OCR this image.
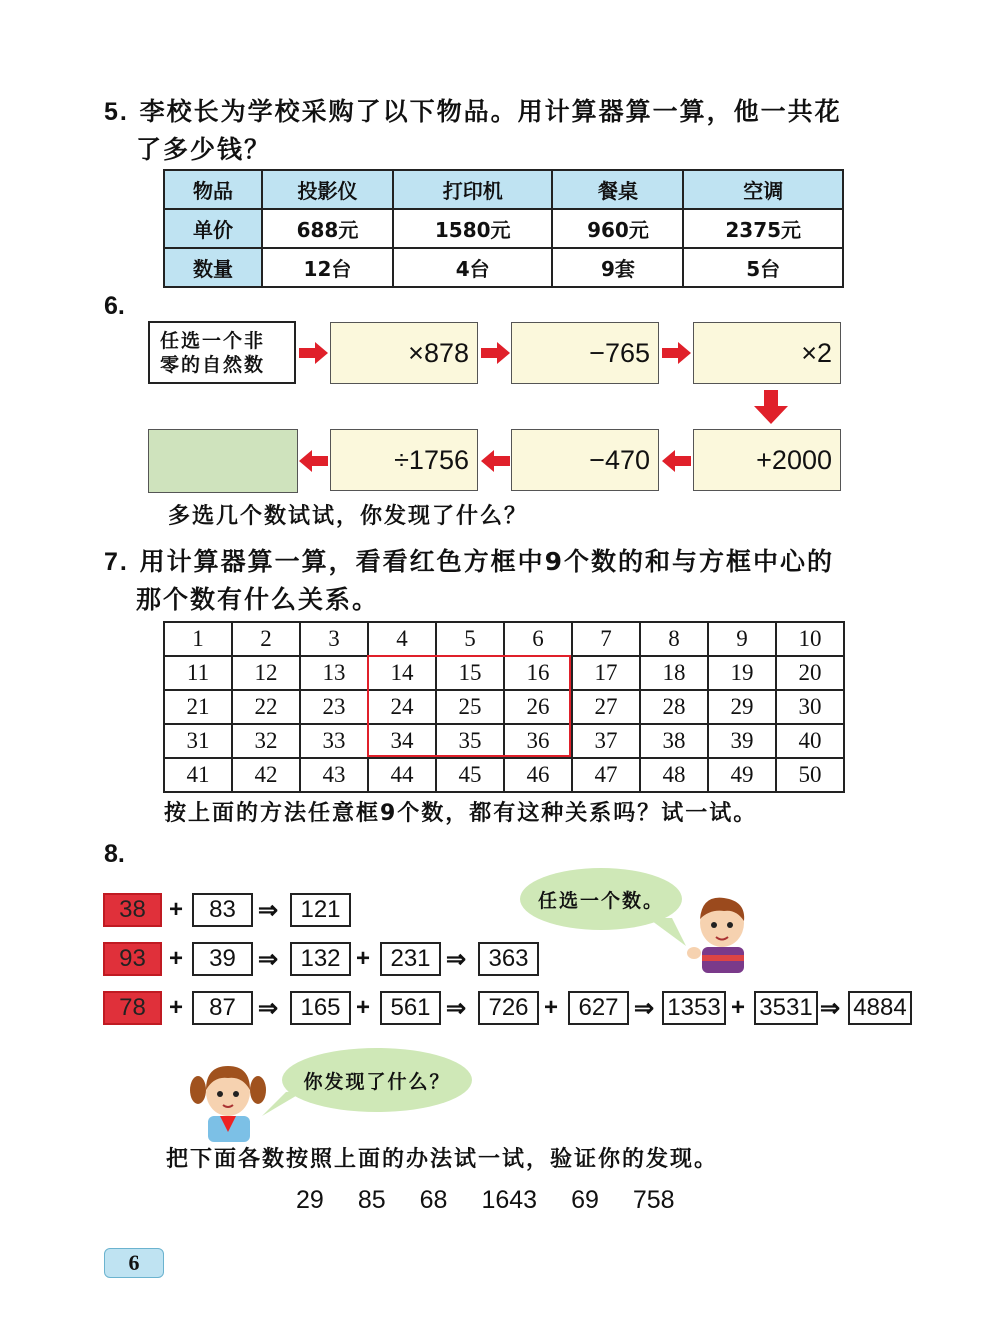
5. 李校长为学校采购了以下物品。用计算器算一算，他一共花
了多少钱？
物品	投影仪	打印机	餐桌	空调
单价	688元	1580元	960元	2375元
数量	12台	4台	9套	5台
6.
任选一个非
零的自然数	×878	−765	×2
÷1756	−470	+2000
多选几个数试试，你发现了什么？
7. 用计算器算一算，看看红色方框中9个数的和与方框中心的
那个数有什么关系。
1	2	3	4	5	6	7	8	9	10
11	12	13	14	15	16	17	18	19	20
21	22	23	24	25	26	27	28	29	30
31	32	33	34	35	36	37	38	39	40
41	42	43	44	45	46	47	48	49	50
按上面的方法任意框9个数，都有这种关系吗？试一试。
8.
38 +	83 ⇒ 121
93 +	39 ⇒ 132 + 231 ⇒ 363
78 +	87 ⇒ 165 + 561 ⇒ 726 + 627 ⇒ 1353 + 3531 ⇒ 4884
任选一个数。
你发现了什么？
把下面各数按照上面的办法试一试，验证你的发现。
29 85 68 1643 69 758
6
